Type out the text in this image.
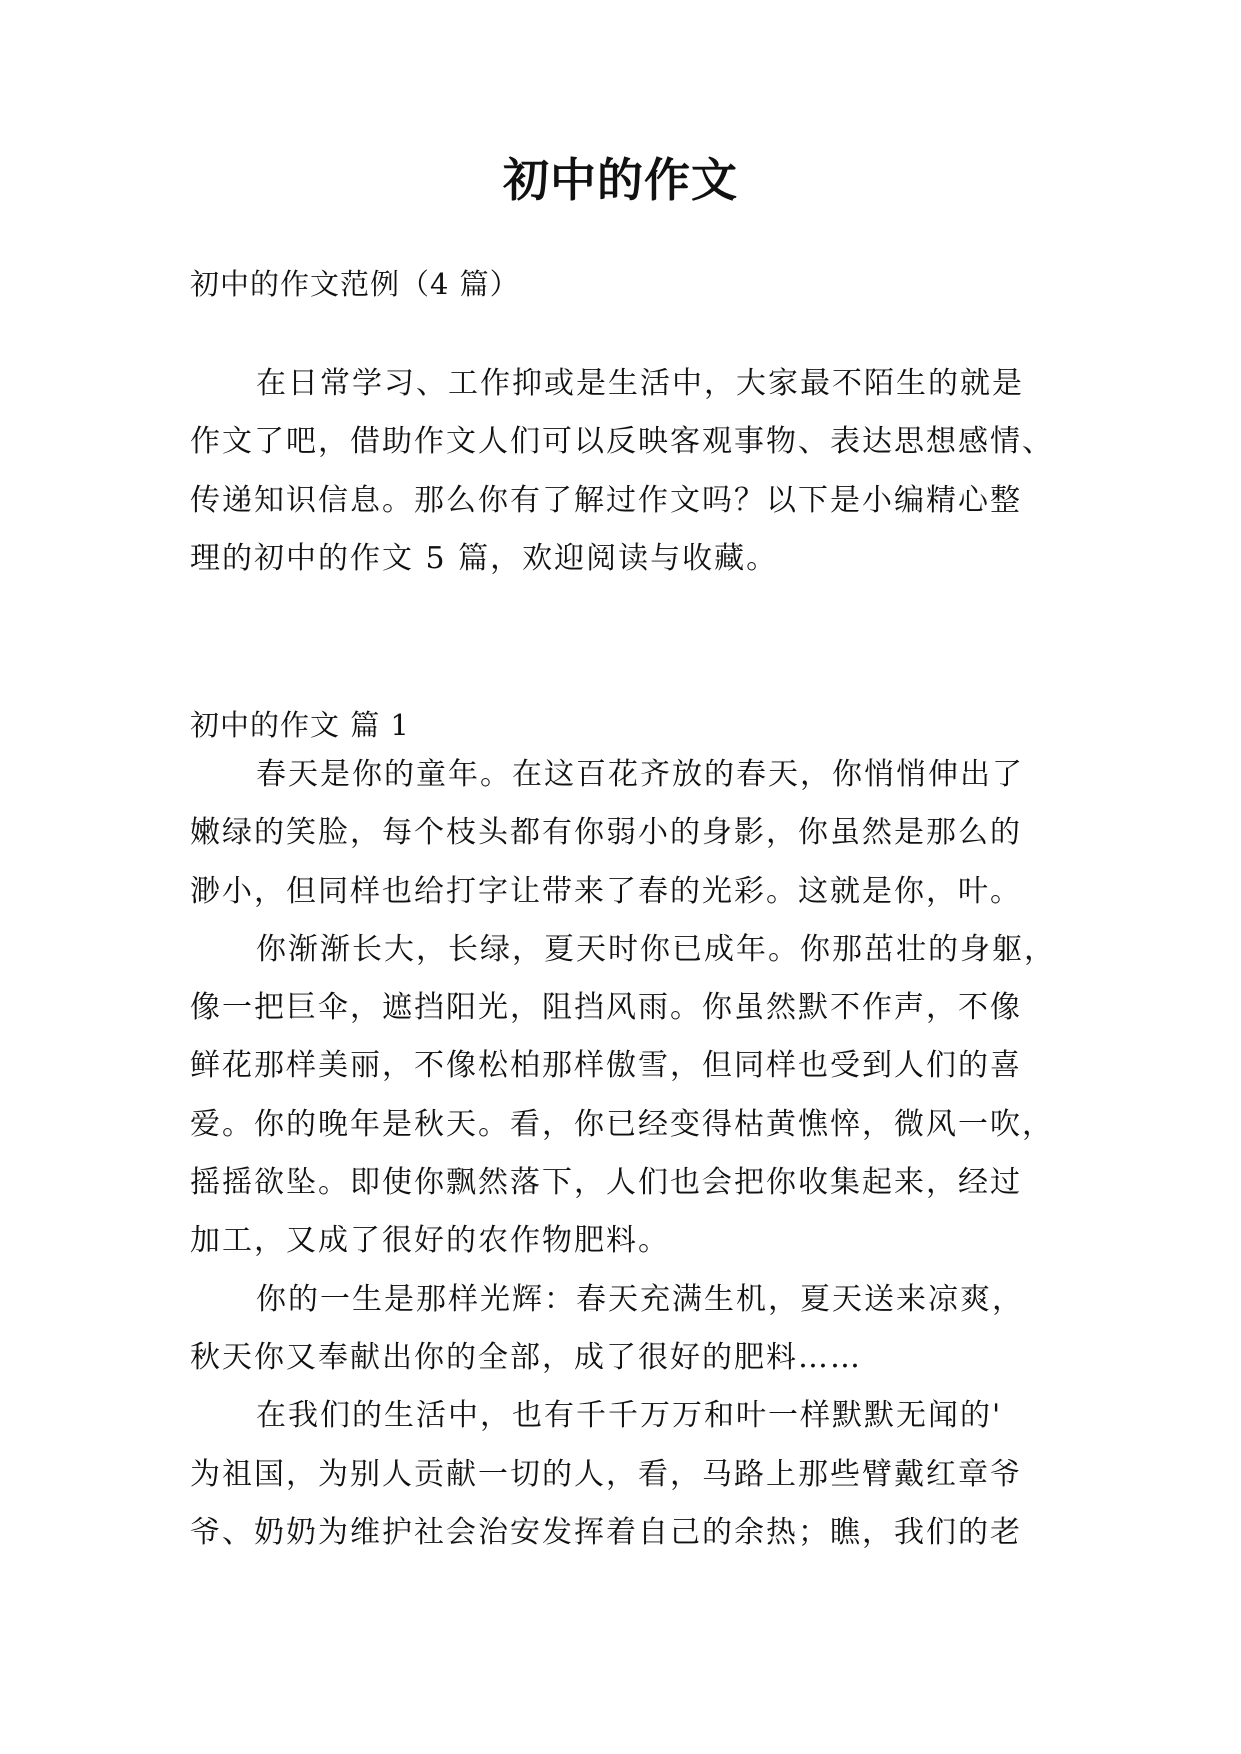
初中的作文

初中的作文范例（4 篇）

在日常学习、工作抑或是生活中，大家最不陌生的就是
作文了吧，借助作文人们可以反映客观事物、表达思想感情、
传递知识信息。那么你有了解过作文吗？以下是小编精心整
理的初中的作文 5 篇，欢迎阅读与收藏。

初中的作文 篇 1

春天是你的童年。在这百花齐放的春天，你悄悄伸出了
嫩绿的笑脸，每个枝头都有你弱小的身影，你虽然是那么的
渺小，但同样也给打字让带来了春的光彩。这就是你，叶。
你渐渐长大，长绿，夏天时你已成年。你那茁壮的身躯，
像一把巨伞，遮挡阳光，阻挡风雨。你虽然默不作声，不像
鲜花那样美丽，不像松柏那样傲雪，但同样也受到人们的喜
爱。你的晚年是秋天。看，你已经变得枯黄憔悴，微风一吹，
摇摇欲坠。即使你飘然落下，人们也会把你收集起来，经过
加工，又成了很好的农作物肥料。
你的一生是那样光辉：春天充满生机，夏天送来凉爽，
秋天你又奉献出你的全部，成了很好的肥料……
在我们的生活中，也有千千万万和叶一样默默无闻的'
为祖国，为别人贡献一切的人，看，马路上那些臂戴红章爷
爷、奶奶为维护社会治安发挥着自己的余热；瞧，我们的老
